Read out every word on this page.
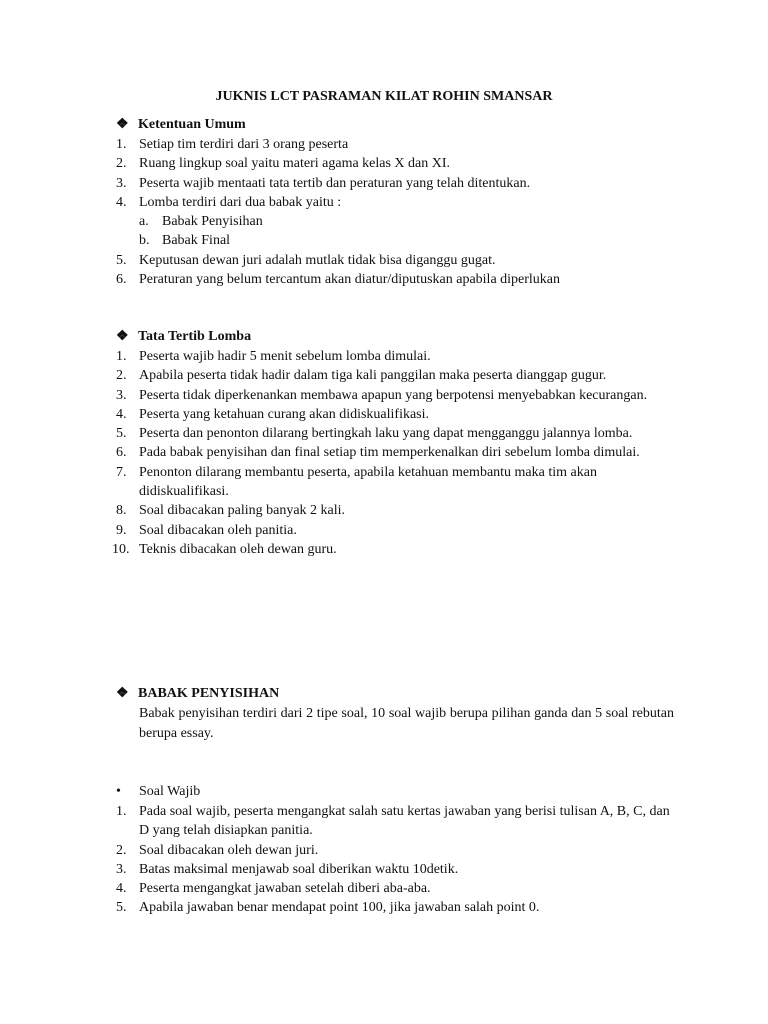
JUKNIS LCT PASRAMAN KILAT ROHIN SMANSAR
❖ Ketentuan Umum
1. Setiap tim terdiri dari 3 orang peserta
2. Ruang lingkup soal yaitu materi agama kelas X dan XI.
3. Peserta wajib mentaati tata tertib dan peraturan yang telah ditentukan.
4. Lomba terdiri dari dua babak yaitu :
a. Babak Penyisihan
b. Babak Final
5. Keputusan dewan juri adalah mutlak tidak bisa diganggu gugat.
6. Peraturan yang belum tercantum akan diatur/diputuskan apabila diperlukan
❖ Tata Tertib Lomba
1. Peserta wajib hadir 5 menit sebelum lomba dimulai.
2. Apabila peserta tidak hadir dalam tiga kali panggilan maka peserta dianggap gugur.
3. Peserta tidak diperkenankan membawa apapun yang berpotensi menyebabkan kecurangan.
4. Peserta yang ketahuan curang akan didiskualifikasi.
5. Peserta dan penonton dilarang bertingkah laku yang dapat mengganggu jalannya lomba.
6. Pada babak penyisihan dan final setiap tim memperkenalkan diri sebelum lomba dimulai.
7. Penonton dilarang membantu peserta, apabila ketahuan membantu maka tim akan didiskualifikasi.
8. Soal dibacakan paling banyak 2 kali.
9. Soal dibacakan oleh panitia.
10. Teknis dibacakan oleh dewan guru.
❖ BABAK PENYISIHAN
Babak penyisihan terdiri dari 2 tipe soal, 10 soal wajib berupa pilihan ganda dan 5 soal rebutan berupa essay.
• Soal Wajib
1. Pada soal wajib, peserta mengangkat salah satu kertas jawaban yang berisi tulisan A, B, C, dan D yang telah disiapkan panitia.
2. Soal dibacakan oleh dewan juri.
3. Batas maksimal menjawab soal diberikan waktu 10detik.
4. Peserta mengangkat jawaban setelah diberi aba-aba.
5. Apabila jawaban benar mendapat point 100, jika jawaban salah point 0.
